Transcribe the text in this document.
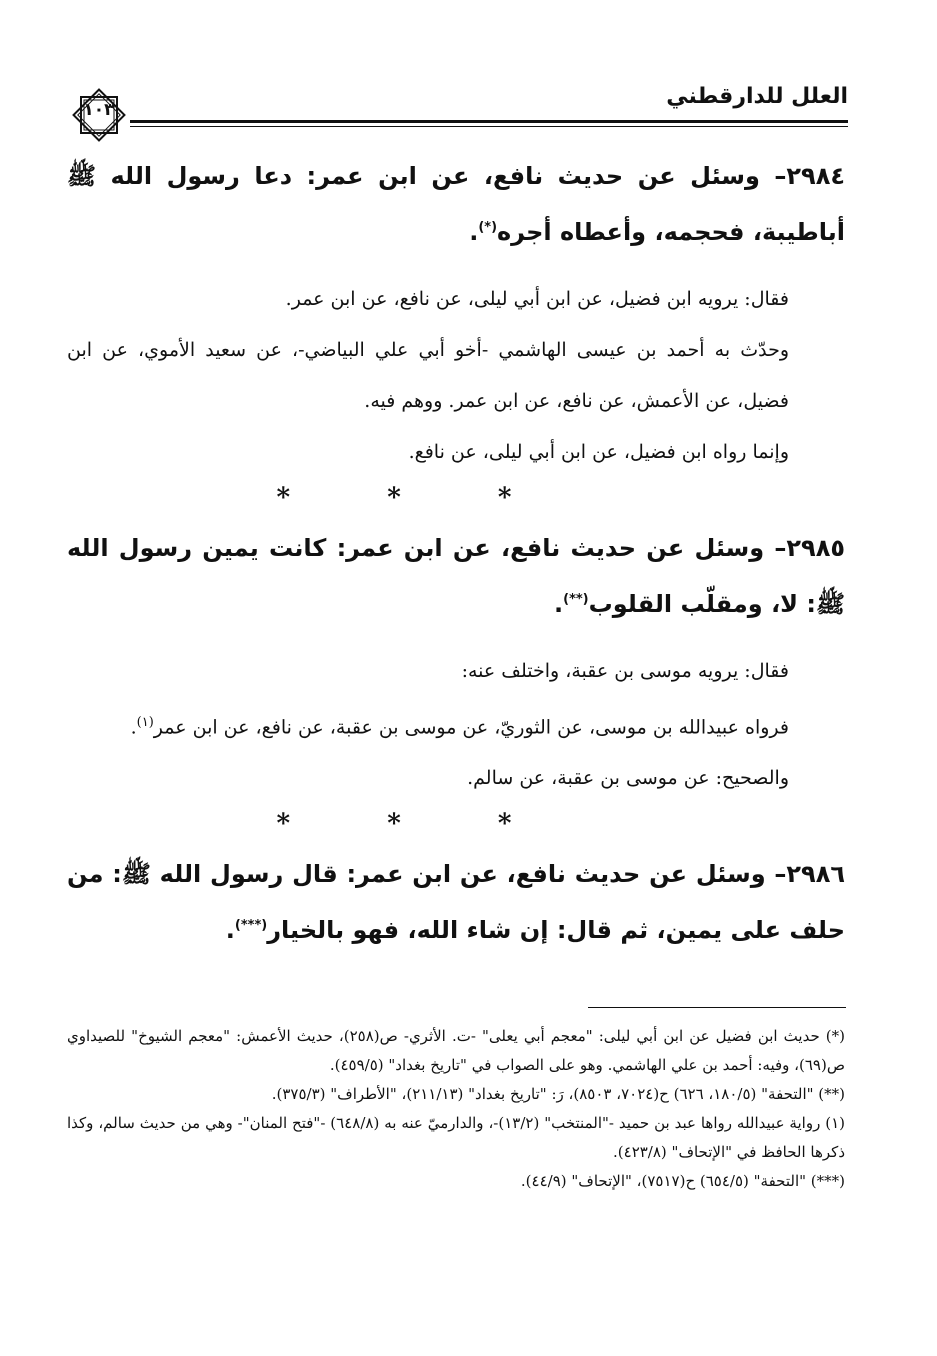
العلل للدارقطني
١٠٣

٢٩٨٤– وسئل عن حديث نافع، عن ابن عمر: دعا رسول الله ﷺ أباطيبة، فحجمه، وأعطاه أجره(*).

فقال: يرويه ابن فضيل، عن ابن أبي ليلى، عن نافع، عن ابن عمر.

وحدّث به أحمد بن عيسى الهاشمي -أخو أبي علي البياضي-، عن سعيد الأموي، عن ابن فضيل، عن الأعمش، عن نافع، عن ابن عمر. ووهم فيه.

وإنما رواه ابن فضيل، عن ابن أبي ليلى، عن نافع.

* * *

٢٩٨٥– وسئل عن حديث نافع، عن ابن عمر: كانت يمين رسول الله ﷺ: لا، ومقلّب القلوب(**).

فقال: يرويه موسى بن عقبة، واختلف عنه:

فرواه عبيدالله بن موسى، عن الثوريّ، عن موسى بن عقبة، عن نافع، عن ابن عمر$^{(١)}$.

والصحيح: عن موسى بن عقبة، عن سالم.

* * *

٢٩٨٦– وسئل عن حديث نافع، عن ابن عمر: قال رسول الله ﷺ: من حلف على يمين، ثم قال: إن شاء الله، فهو بالخيار(***).

(*) حديث ابن فضيل عن ابن أبي ليلى: "معجم أبي يعلى" -ت. الأثري- ص(٢٥٨)، حديث الأعمش: "معجم الشيوخ" للصيداوي ص(٦٩)، وفيه: أحمد بن علي الهاشمي. وهو على الصواب في "تاريخ بغداد" (٤٥٩/٥).

(**) "التحفة" (١٨٠/٥، ٦٢٦) ح(٧٠٢٤، ٨٥٠٣)، رَ: "تاريخ بغداد" (٢١١/١٣)، "الأطراف" (٣٧٥/٣).

(١) رواية عبيدالله رواها عبد بن حميد -"المنتخب" (١٣/٢)-، والدارميّ عنه به (٦٤٨/٨) -"فتح المنان"- وهي من حديث سالم، وكذا ذكرها الحافظ في "الإتحاف" (٤٢٣/٨).

(***) "التحفة" (٦٥٤/٥) ح(٧٥١٧)، "الإتحاف" (٤٤/٩).
